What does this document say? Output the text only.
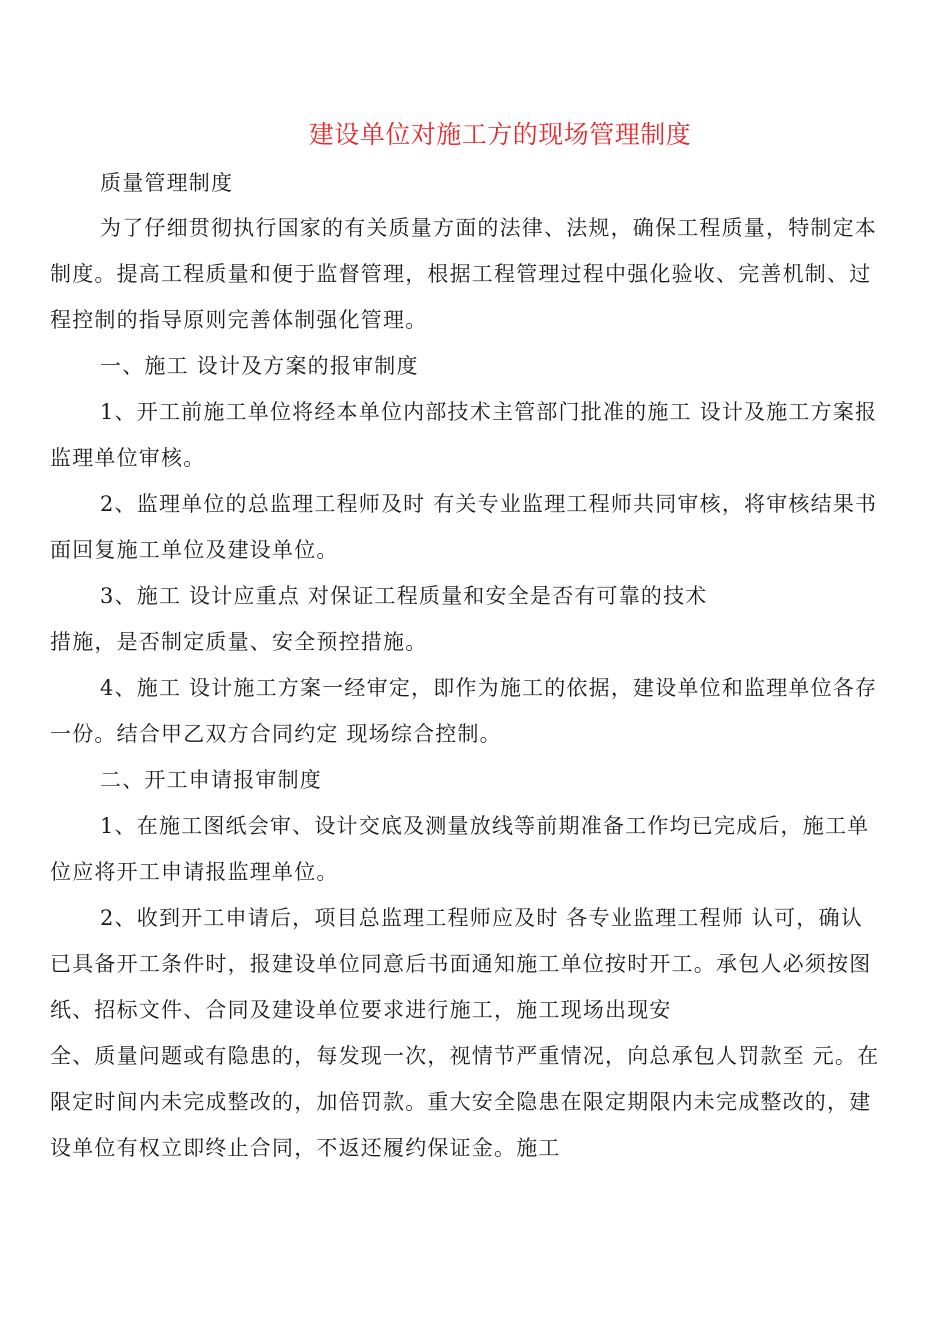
建设单位对施工方的现场管理制度
质量管理制度
为了仔细贯彻执行国家的有关质量方面的法律、法规，确保工程质量，特制定本
制度。提高工程质量和便于监督管理，根据工程管理过程中强化验收、完善机制、过
程控制的指导原则完善体制强化管理。
一、施工 设计及方案的报审制度
1、开工前施工单位将经本单位内部技术主管部门批准的施工 设计及施工方案报
监理单位审核。
2、监理单位的总监理工程师及时 有关专业监理工程师共同审核，将审核结果书
面回复施工单位及建设单位。
3、施工 设计应重点 对保证工程质量和安全是否有可靠的技术
措施，是否制定质量、安全预控措施。
4、施工 设计施工方案一经审定，即作为施工的依据，建设单位和监理单位各存
一份。结合甲乙双方合同约定 现场综合控制。
二、开工申请报审制度
1、在施工图纸会审、设计交底及测量放线等前期准备工作均已完成后，施工单
位应将开工申请报监理单位。
2、收到开工申请后，项目总监理工程师应及时 各专业监理工程师 认可，确认
已具备开工条件时，报建设单位同意后书面通知施工单位按时开工。承包人必须按图
纸、招标文件、合同及建设单位要求进行施工，施工现场出现安
全、质量问题或有隐患的，每发现一次，视情节严重情况，向总承包人罚款至 元。在
限定时间内未完成整改的，加倍罚款。重大安全隐患在限定期限内未完成整改的，建
设单位有权立即终止合同，不返还履约保证金。施工
